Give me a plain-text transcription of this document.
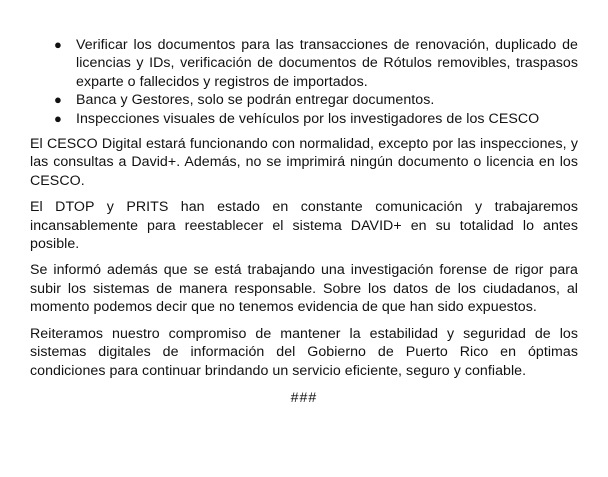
● Verificar los documentos para las transacciones de renovación, duplicado de licencias y IDs, verificación de documentos de Rótulos removibles, traspasos exparte o fallecidos y registros de importados.
● Banca y Gestores, solo se podrán entregar documentos.
● Inspecciones visuales de vehículos por los investigadores de los CESCO

El CESCO Digital estará funcionando con normalidad, excepto por las inspecciones, y las consultas a David+. Además, no se imprimirá ningún documento o licencia en los CESCO.

El DTOP y PRITS han estado en constante comunicación y trabajaremos incansablemente para reestablecer el sistema DAVID+ en su totalidad lo antes posible.

Se informó además que se está trabajando una investigación forense de rigor para subir los sistemas de manera responsable. Sobre los datos de los ciudadanos, al momento podemos decir que no tenemos evidencia de que han sido expuestos.

Reiteramos nuestro compromiso de mantener la estabilidad y seguridad de los sistemas digitales de información del Gobierno de Puerto Rico en óptimas condiciones para continuar brindando un servicio eficiente, seguro y confiable.

###
